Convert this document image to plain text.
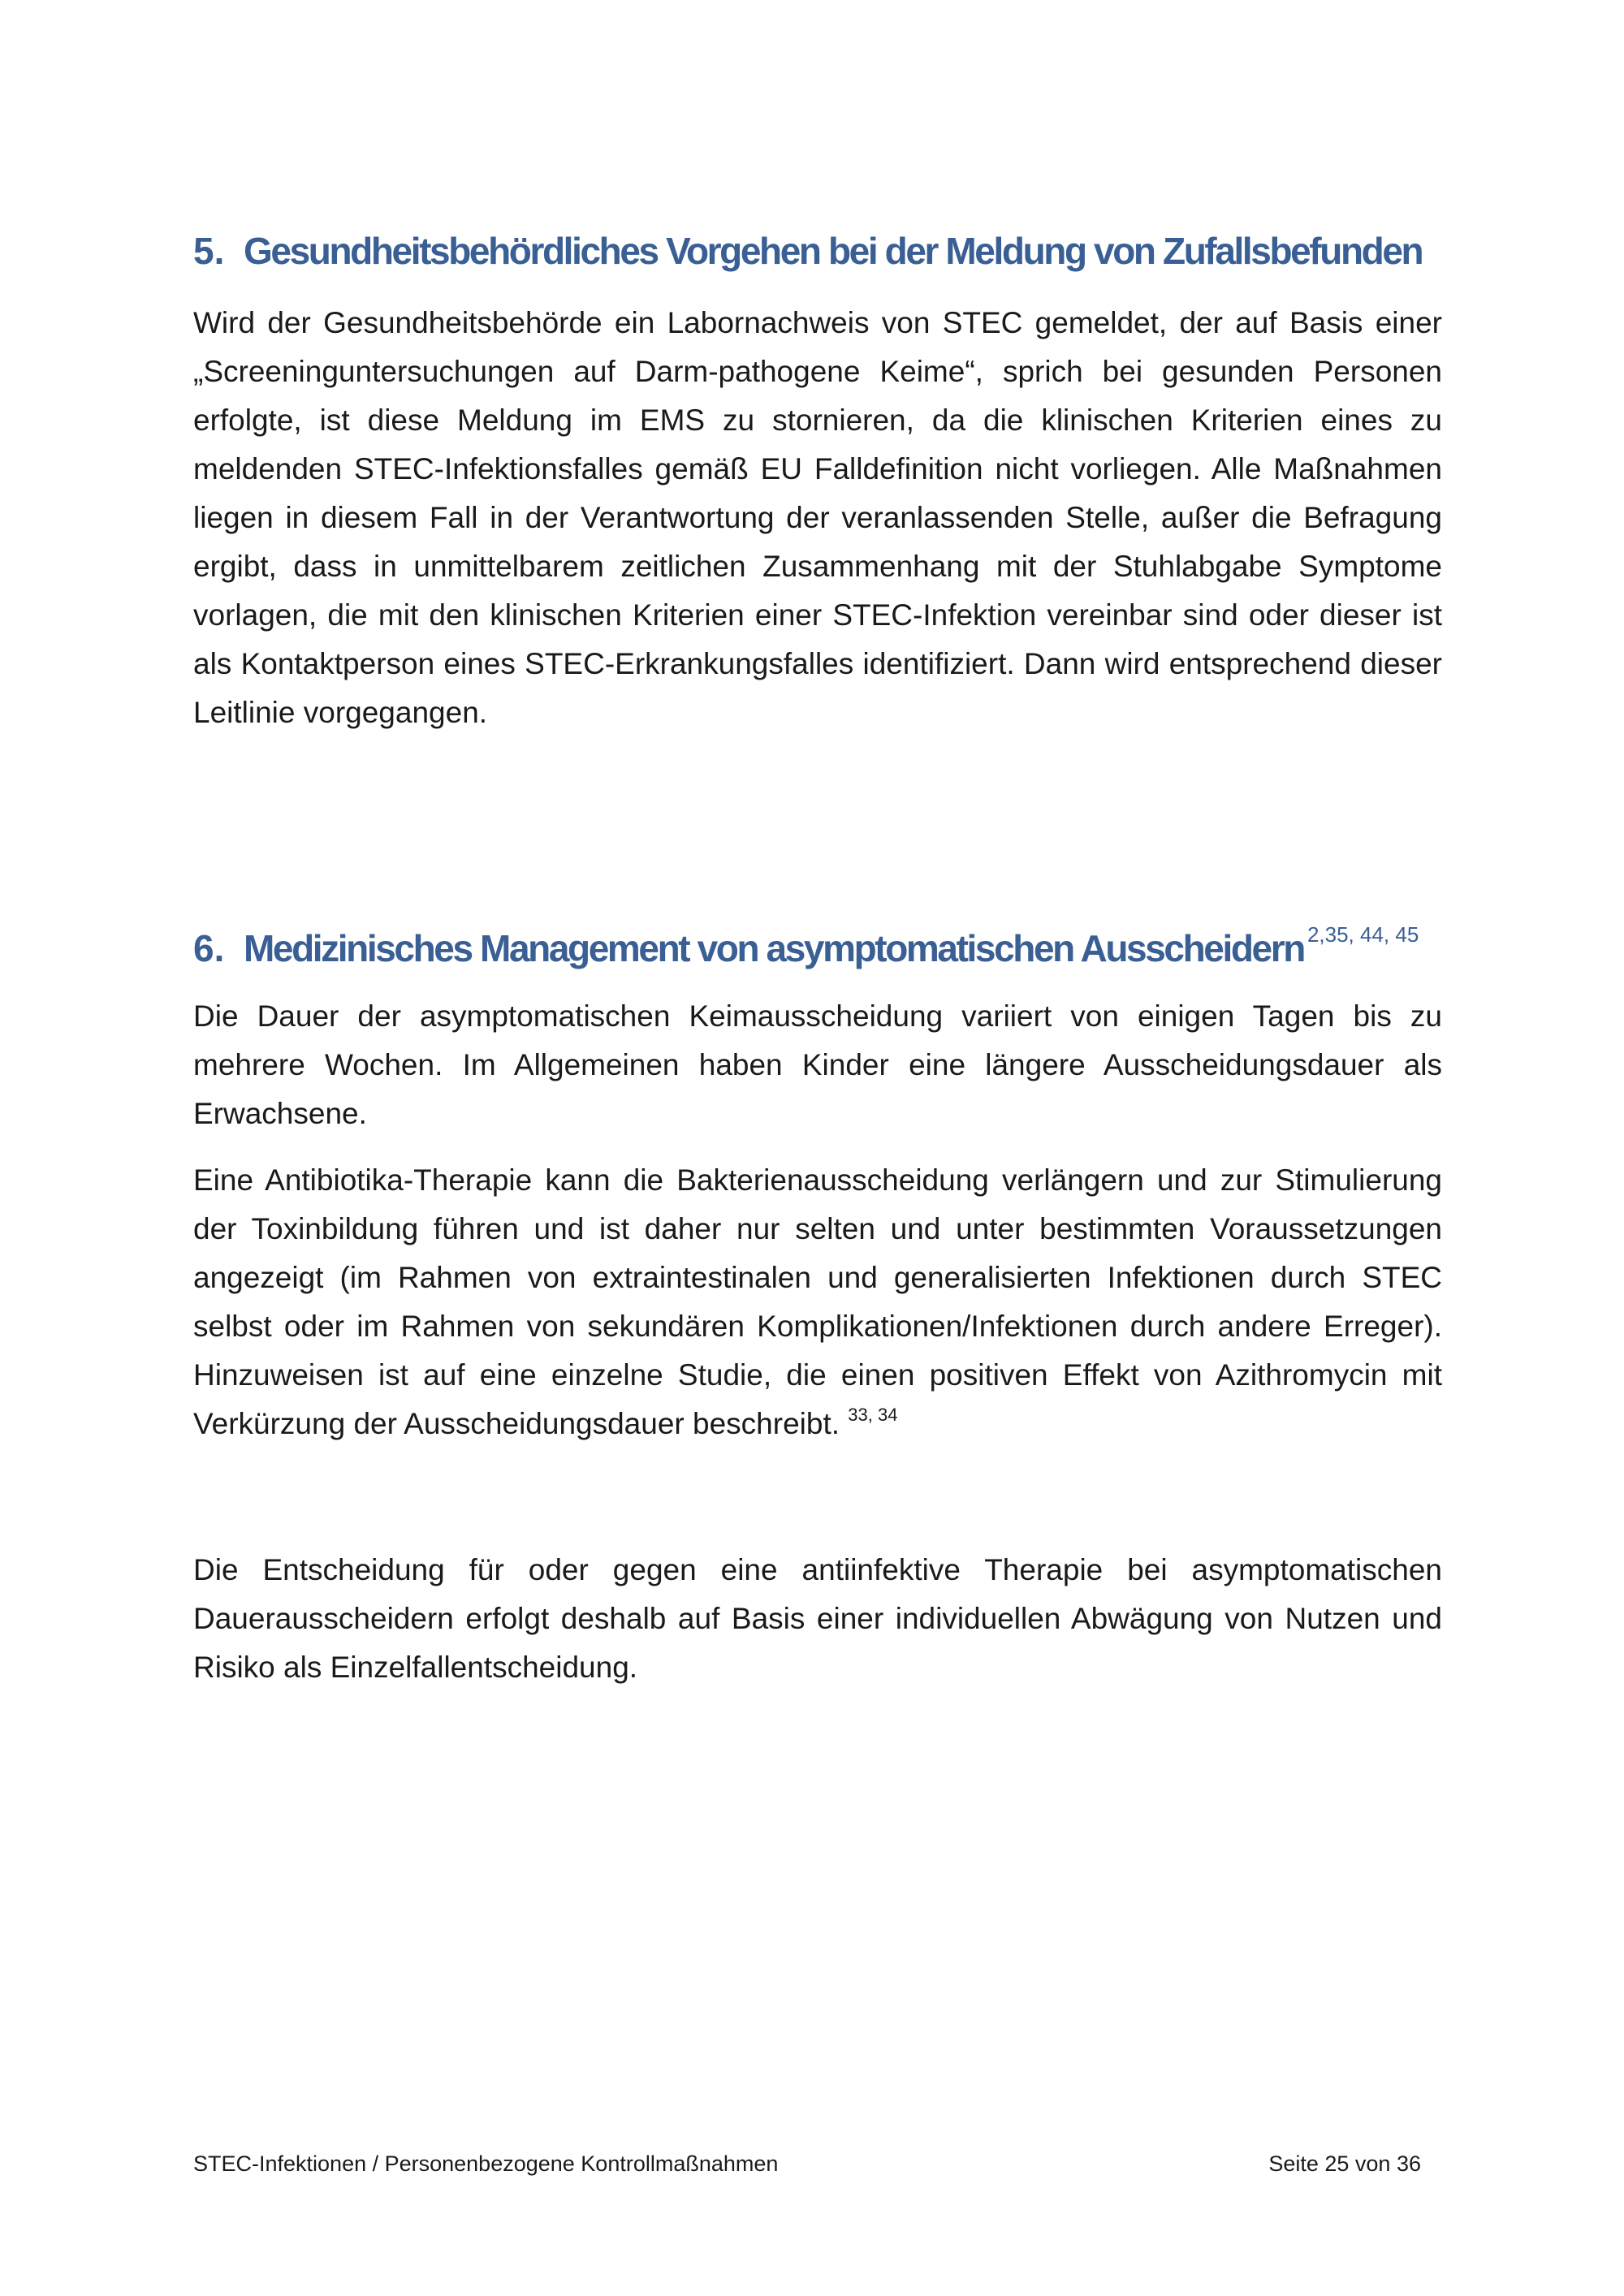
5. Gesundheitsbehördliches Vorgehen bei der Meldung von Zufallsbefunden

Wird der Gesundheitsbehörde ein Labornachweis von STEC gemeldet, der auf Basis einer „Screeninguntersuchungen auf Darm-pathogene Keime“, sprich bei gesunden Personen erfolgte, ist diese Meldung im EMS zu stornieren, da die klinischen Kriterien eines zu meldenden STEC-Infektionsfalles gemäß EU Falldefinition nicht vorliegen. Alle Maßnahmen liegen in diesem Fall in der Verantwortung der veranlassenden Stelle, außer die Befragung ergibt, dass in unmittelbarem zeitlichen Zusammenhang mit der Stuhlabgabe Symptome vorlagen, die mit den klinischen Kriterien einer STEC-Infektion vereinbar sind oder dieser ist als Kontaktperson eines STEC-Erkrankungsfalles identifiziert. Dann wird entsprechend dieser Leitlinie vorgegangen.

6. Medizinisches Management von asymptomatischen Ausscheidern $^{2,35, 44, 45}$

Die Dauer der asymptomatischen Keimausscheidung variiert von einigen Tagen bis zu mehrere Wochen. Im Allgemeinen haben Kinder eine längere Ausscheidungsdauer als Erwachsene.

Eine Antibiotika-Therapie kann die Bakterienausscheidung verlängern und zur Stimulierung der Toxinbildung führen und ist daher nur selten und unter bestimmten Voraussetzungen angezeigt (im Rahmen von extraintestinalen und generalisierten Infektionen durch STEC selbst oder im Rahmen von sekundären Komplikationen/Infektionen durch andere Erreger). Hinzuweisen ist auf eine einzelne Studie, die einen positiven Effekt von Azithromycin mit Verkürzung der Ausscheidungsdauer beschreibt. $^{33, 34}$

Die Entscheidung für oder gegen eine antiinfektive Therapie bei asymptomatischen Dauerausscheidern erfolgt deshalb auf Basis einer individuellen Abwägung von Nutzen und Risiko als Einzelfallentscheidung.

STEC-Infektionen / Personenbezogene Kontrollmaßnahmen	Seite 25 von 36
